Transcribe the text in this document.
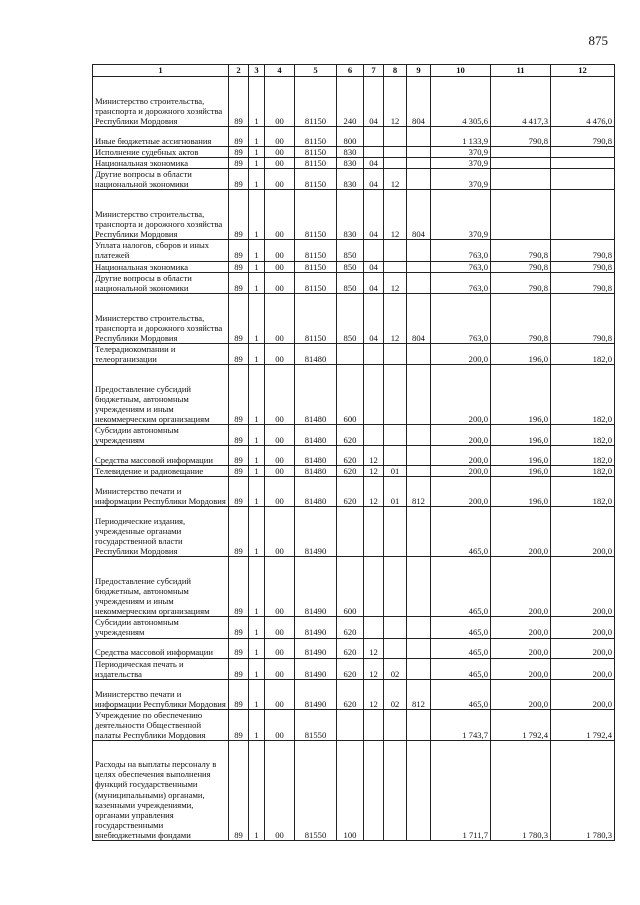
875
1	2	3	4	5	6	7	8	9	10	11	12
Министерство строительства, транспорта и дорожного хозяйства Республики Мордовия	89	1	00	81150	240	04	12	804	4 305,6	4 417,3	4 476,0
Иные бюджетные ассигнования	89	1	00	81150	800				1 133,9	790,8	790,8
Исполнение судебных актов	89	1	00	81150	830				370,9		
Национальная экономика	89	1	00	81150	830	04			370,9		
Другие вопросы в области национальной экономики	89	1	00	81150	830	04	12		370,9		
Министерство строительства, транспорта и дорожного хозяйства Республики Мордовия	89	1	00	81150	830	04	12	804	370,9		
Уплата налогов, сборов и иных платежей	89	1	00	81150	850				763,0	790,8	790,8
Национальная экономика	89	1	00	81150	850	04			763,0	790,8	790,8
Другие вопросы в области национальной экономики	89	1	00	81150	850	04	12		763,0	790,8	790,8
Министерство строительства, транспорта и дорожного хозяйства Республики Мордовия	89	1	00	81150	850	04	12	804	763,0	790,8	790,8
Телерадиокомпании и телеорганизации	89	1	00	81480					200,0	196,0	182,0
Предоставление субсидий бюджетным, автономным учреждениям и иным некоммерческим организациям	89	1	00	81480	600				200,0	196,0	182,0
Субсидии автономным учреждениям	89	1	00	81480	620				200,0	196,0	182,0
Средства массовой информации	89	1	00	81480	620	12			200,0	196,0	182,0
Телевидение и радиовещание	89	1	00	81480	620	12	01		200,0	196,0	182,0
Министерство печати и информации Республики Мордовия	89	1	00	81480	620	12	01	812	200,0	196,0	182,0
Периодические издания, учрежденные органами государственной власти Республики Мордовия	89	1	00	81490					465,0	200,0	200,0
Предоставление субсидий бюджетным, автономным учреждениям и иным некоммерческим организациям	89	1	00	81490	600				465,0	200,0	200,0
Субсидии автономным учреждениям	89	1	00	81490	620				465,0	200,0	200,0
Средства массовой информации	89	1	00	81490	620	12			465,0	200,0	200,0
Периодическая печать и издательства	89	1	00	81490	620	12	02		465,0	200,0	200,0
Министерство печати и информации Республики Мордовия	89	1	00	81490	620	12	02	812	465,0	200,0	200,0
Учреждение по обеспечению деятельности Общественной палаты Республики Мордовия	89	1	00	81550					1 743,7	1 792,4	1 792,4
Расходы на выплаты персоналу в целях обеспечения выполнения функций государственными (муниципальными) органами, казенными учреждениями, органами управления государственными внебюджетными фондами	89	1	00	81550	100				1 711,7	1 780,3	1 780,3
